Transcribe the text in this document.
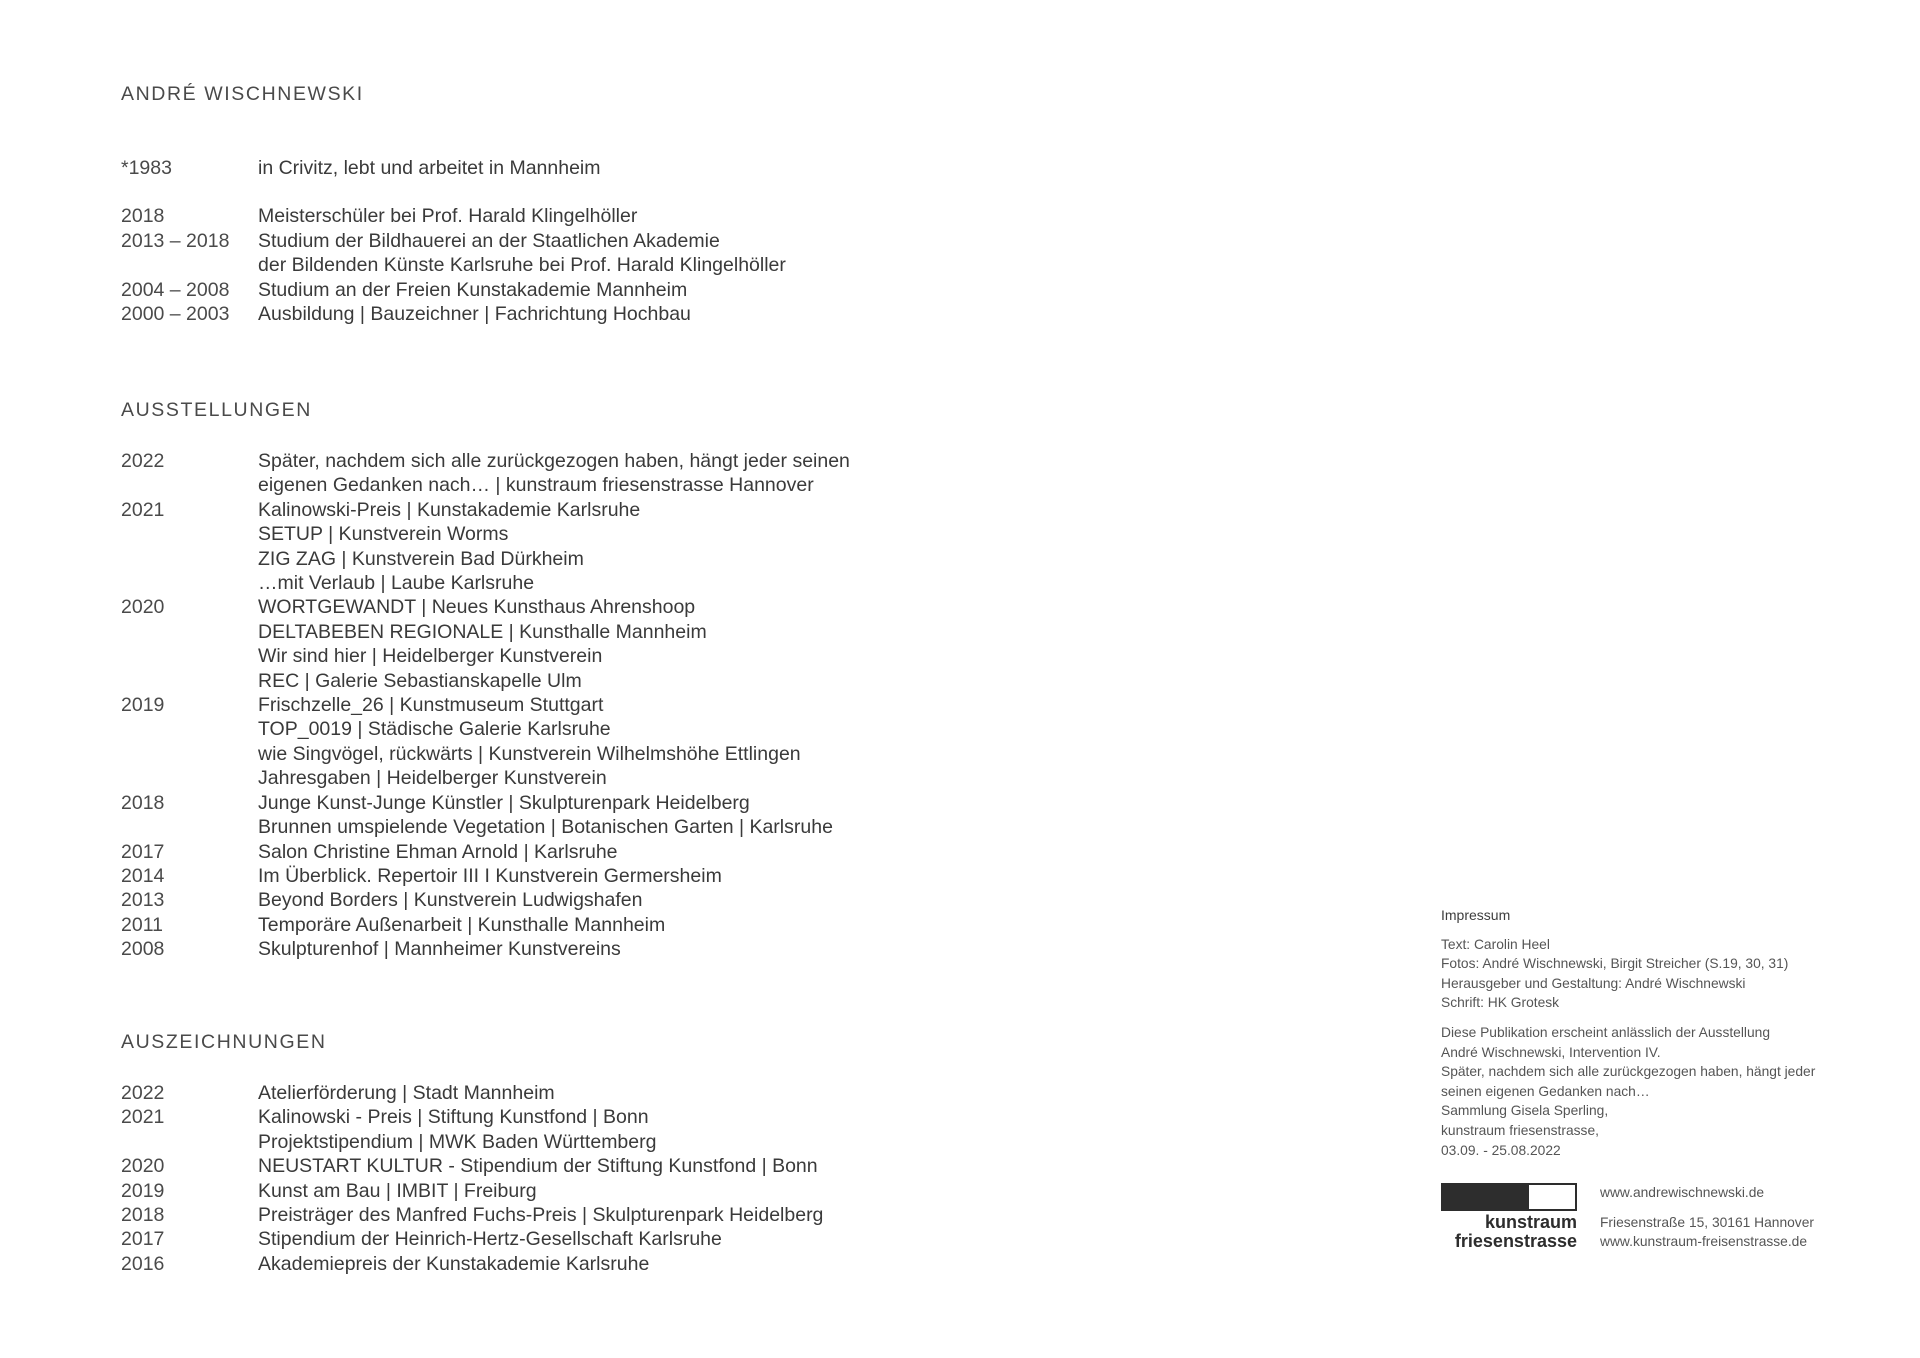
ANDRÉ WISCHNEWSKI
*1983	in Crivitz, lebt und arbeitet in Mannheim
2018	Meisterschüler bei Prof. Harald Klingelhöller
2013 – 2018	Studium der Bildhauerei an der Staatlichen Akademie
der Bildenden Künste Karlsruhe bei Prof. Harald Klingelhöller
2004 – 2008	Studium an der Freien Kunstakademie Mannheim
2000 – 2003	Ausbildung | Bauzeichner | Fachrichtung Hochbau
AUSSTELLUNGEN
2022	Später, nachdem sich alle zurückgezogen haben, hängt jeder seinen
eigenen Gedanken nach… | kunstraum friesenstrasse Hannover
2021	Kalinowski-Preis | Kunstakademie Karlsruhe
SETUP | Kunstverein Worms
ZIG ZAG | Kunstverein Bad Dürkheim
…mit Verlaub | Laube Karlsruhe
2020	WORTGEWANDT | Neues Kunsthaus Ahrenshoop
DELTABEBEN REGIONALE | Kunsthalle Mannheim
Wir sind hier | Heidelberger Kunstverein
REC | Galerie Sebastianskapelle Ulm
2019	Frischzelle_26 | Kunstmuseum Stuttgart
TOP_0019 | Städische Galerie Karlsruhe
wie Singvögel, rückwärts | Kunstverein Wilhelmshöhe Ettlingen
Jahresgaben | Heidelberger Kunstverein
2018	Junge Kunst-Junge Künstler | Skulpturenpark Heidelberg
Brunnen umspielende Vegetation | Botanischen Garten | Karlsruhe
2017	Salon Christine Ehman Arnold | Karlsruhe
2014	Im Überblick. Repertoir III I Kunstverein Germersheim
2013	Beyond Borders | Kunstverein Ludwigshafen
2011	Temporäre Außenarbeit | Kunsthalle Mannheim
2008	Skulpturenhof | Mannheimer Kunstvereins
AUSZEICHNUNGEN
2022	Atelierförderung | Stadt Mannheim
2021	Kalinowski - Preis | Stiftung Kunstfond | Bonn
Projektstipendium | MWK Baden Württemberg
2020	NEUSTART KULTUR - Stipendium der Stiftung Kunstfond | Bonn
2019	Kunst am Bau | IMBIT | Freiburg
2018	Preisträger des Manfred Fuchs-Preis | Skulpturenpark Heidelberg
2017	Stipendium der Heinrich-Hertz-Gesellschaft Karlsruhe
2016	Akademiepreis der Kunstakademie Karlsruhe
Impressum
Text: Carolin Heel
Fotos: André Wischnewski, Birgit Streicher (S.19, 30, 31)
Herausgeber und Gestaltung: André Wischnewski
Schrift: HK Grotesk
Diese Publikation erscheint anlässlich der Ausstellung
André Wischnewski, Intervention IV.
Später, nachdem sich alle zurückgezogen haben, hängt jeder
seinen eigenen Gedanken nach…
Sammlung Gisela Sperling,
kunstraum friesenstrasse,
03.09. - 25.08.2022
kunstraum
friesenstrasse
www.andrewischnewski.de
Friesenstraße 15, 30161 Hannover
www.kunstraum-freisenstrasse.de
